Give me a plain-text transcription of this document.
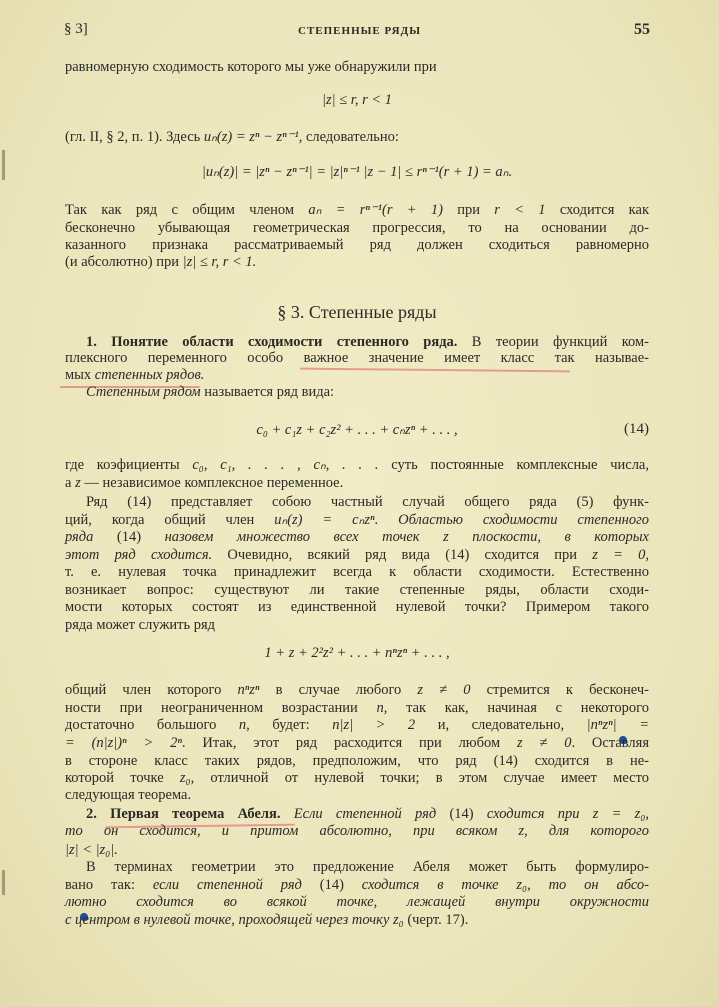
§ 3]	СТЕПЕННЫЕ РЯДЫ	55
равномерную сходимость которого мы уже обнаружили при
|z| ≤ r, r < 1
(гл. II, § 2, п. 1). Здесь uₙ(z) = zⁿ − zⁿ⁻¹, следовательно:
|uₙ(z)| = |zⁿ − zⁿ⁻¹| = |z|ⁿ⁻¹ |z − 1| ≤ rⁿ⁻¹(r + 1) = aₙ.
Так как ряд с общим членом aₙ = rⁿ⁻¹(r + 1) при r < 1 сходится как
бесконечно убывающая геометрическая прогрессия, то на основании до-
казанного признака рассматриваемый ряд должен сходиться равномерно
(и абсолютно) при |z| ≤ r, r < 1.
§ 3. Степенные ряды
1. Понятие области сходимости степенного ряда. В теории функций ком-
плексного переменного особо важное значение имеет класс так называе-
мых степенных рядов.
Степенным рядом называется ряд вида:
c₀ + c₁z + c₂z² + . . . + cₙzⁿ + . . . ,
где коэфициенты c₀, c₁, . . . , cₙ, . . . суть постоянные комплексные числа,
а z — независимое комплексное переменное.
Ряд (14) представляет собою частный случай общего ряда (5) функ-
ций, когда общий член uₙ(z) = cₙzⁿ. Областью сходимости степенного
ряда (14) назовем множество всех точек z плоскости, в которых
этот ряд сходится. Очевидно, всякий ряд вида (14) сходится при z = 0,
т. е. нулевая точка принадлежит всегда к области сходимости. Естественно
возникает вопрос: существуют ли такие степенные ряды, области сходи-
мости которых состоят из единственной нулевой точки? Примером такого
ряда может служить ряд
1 + z + 2²z² + . . . + nⁿzⁿ + . . . ,
общий член которого nⁿzⁿ в случае любого z ≠ 0 стремится к бесконеч-
ности при неограниченном возрастании n, так как, начиная с некоторого
достаточно большого n, будет: n|z| > 2 и, следовательно, |nⁿzⁿ| =
= (n|z|)ⁿ > 2ⁿ. Итак, этот ряд расходится при любом z ≠ 0. Оставляя
в стороне класс таких рядов, предположим, что ряд (14) сходится в не-
которой точке z₀, отличной от нулевой точки; в этом случае имеет место
следующая теорема.
2. Первая теорема Абеля. Если степенной ряд (14) сходится при z = z₀,
то он сходится, и притом абсолютно, при всяком z, для которого
|z| < |z₀|.
В терминах геометрии это предложение Абеля может быть формулиро-
вано так: если степенной ряд (14) сходится в точке z₀, то он абсо-
лютно сходится во всякой точке, лежащей внутри окружности
с центром в нулевой точке, проходящей через точку z₀ (черт. 17).
(14)
